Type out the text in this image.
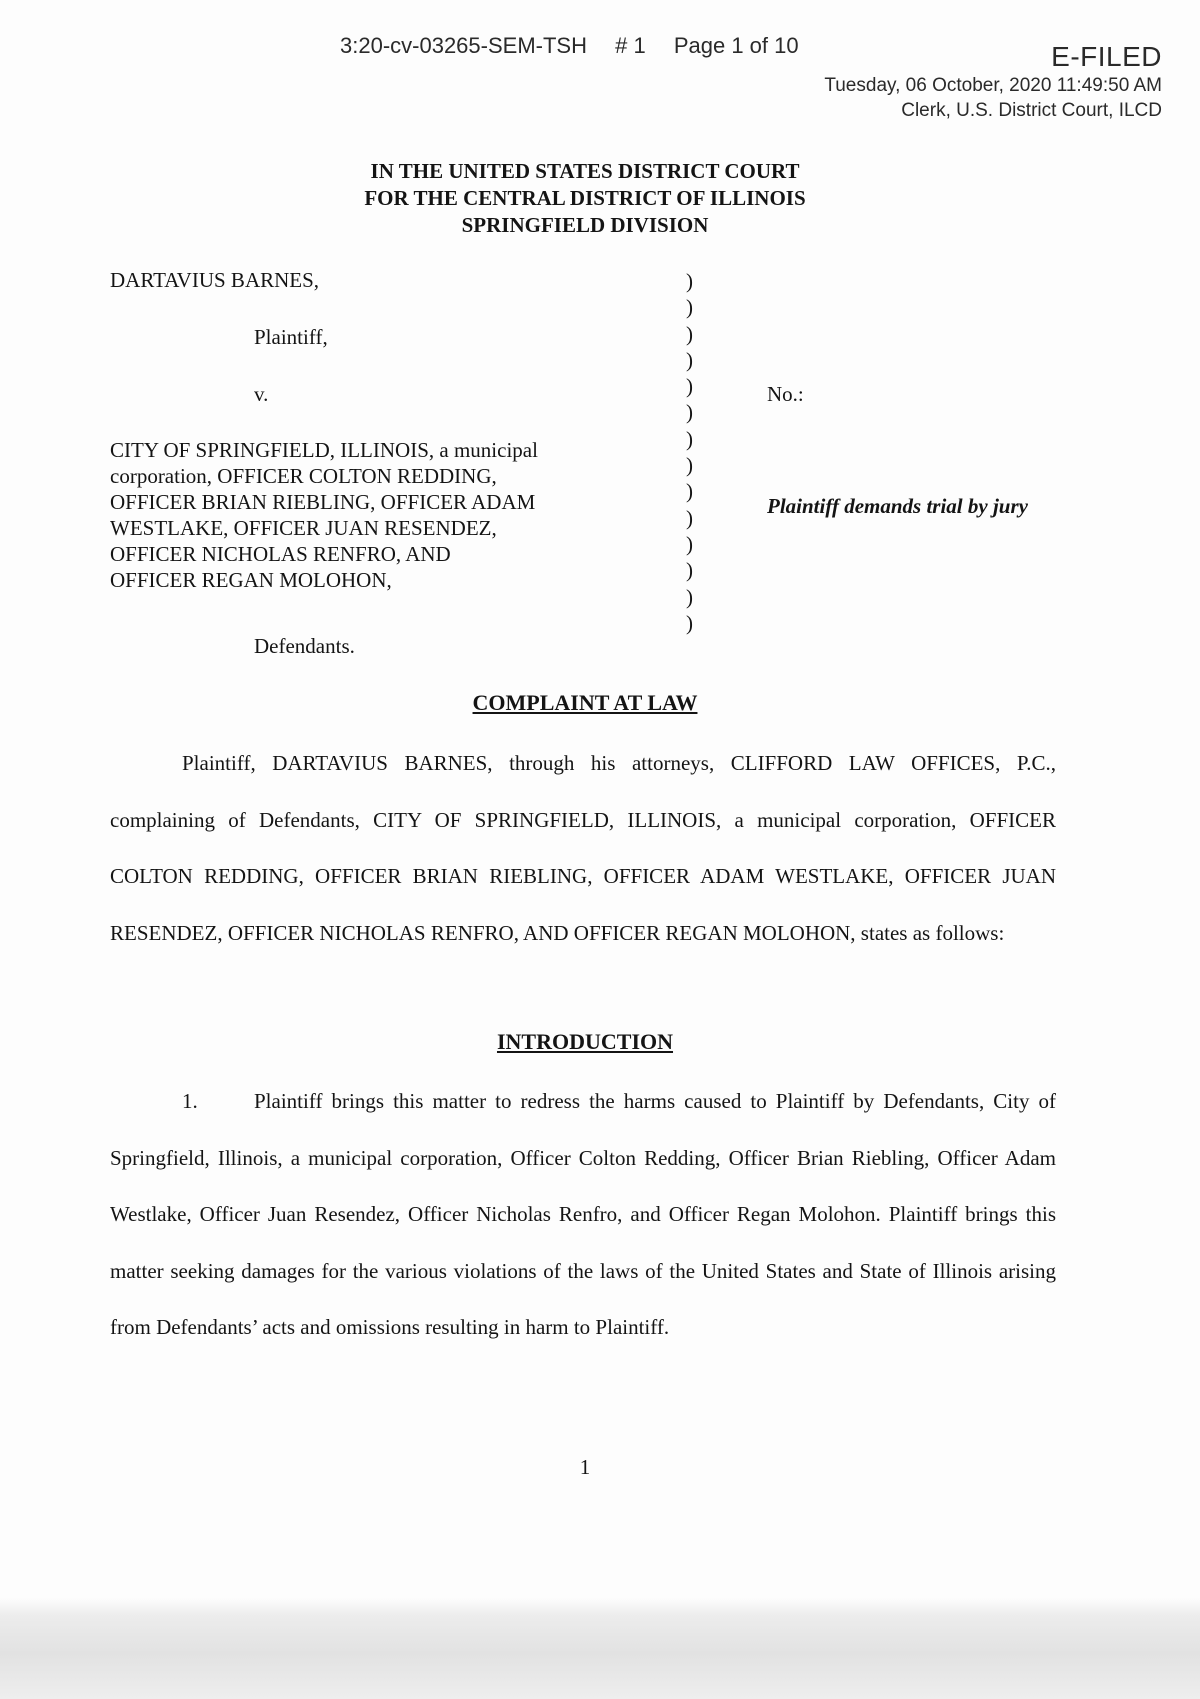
3:20-cv-03265-SEM-TSH # 1 Page 1 of 10	E-FILED
Tuesday, 06 October, 2020 11:49:50 AM
Clerk, U.S. District Court, ILCD
IN THE UNITED STATES DISTRICT COURT
FOR THE CENTRAL DISTRICT OF ILLINOIS
SPRINGFIELD DIVISION
DARTAVIUS BARNES,
Plaintiff,
v.
CITY OF SPRINGFIELD, ILLINOIS, a municipal
corporation, OFFICER COLTON REDDING,
OFFICER BRIAN RIEBLING, OFFICER ADAM
WESTLAKE, OFFICER JUAN RESENDEZ,
OFFICER NICHOLAS RENFRO, AND
OFFICER REGAN MOLOHON,
Defendants.
)
)
)
)
)
)
)
)
)
)
)
)
)
)
No.:
Plaintiff demands trial by jury
COMPLAINT AT LAW

Plaintiff, DARTAVIUS BARNES, through his attorneys, CLIFFORD LAW OFFICES, P.C., complaining of Defendants, CITY OF SPRINGFIELD, ILLINOIS, a municipal corporation, OFFICER COLTON REDDING, OFFICER BRIAN RIEBLING, OFFICER ADAM WESTLAKE, OFFICER JUAN RESENDEZ, OFFICER NICHOLAS RENFRO, AND OFFICER REGAN MOLOHON, states as follows:

INTRODUCTION

1.	Plaintiff brings this matter to redress the harms caused to Plaintiff by Defendants, City of Springfield, Illinois, a municipal corporation, Officer Colton Redding, Officer Brian Riebling, Officer Adam Westlake, Officer Juan Resendez, Officer Nicholas Renfro, and Officer Regan Molohon. Plaintiff brings this matter seeking damages for the various violations of the laws of the United States and State of Illinois arising from Defendants’ acts and omissions resulting in harm to Plaintiff.

1
